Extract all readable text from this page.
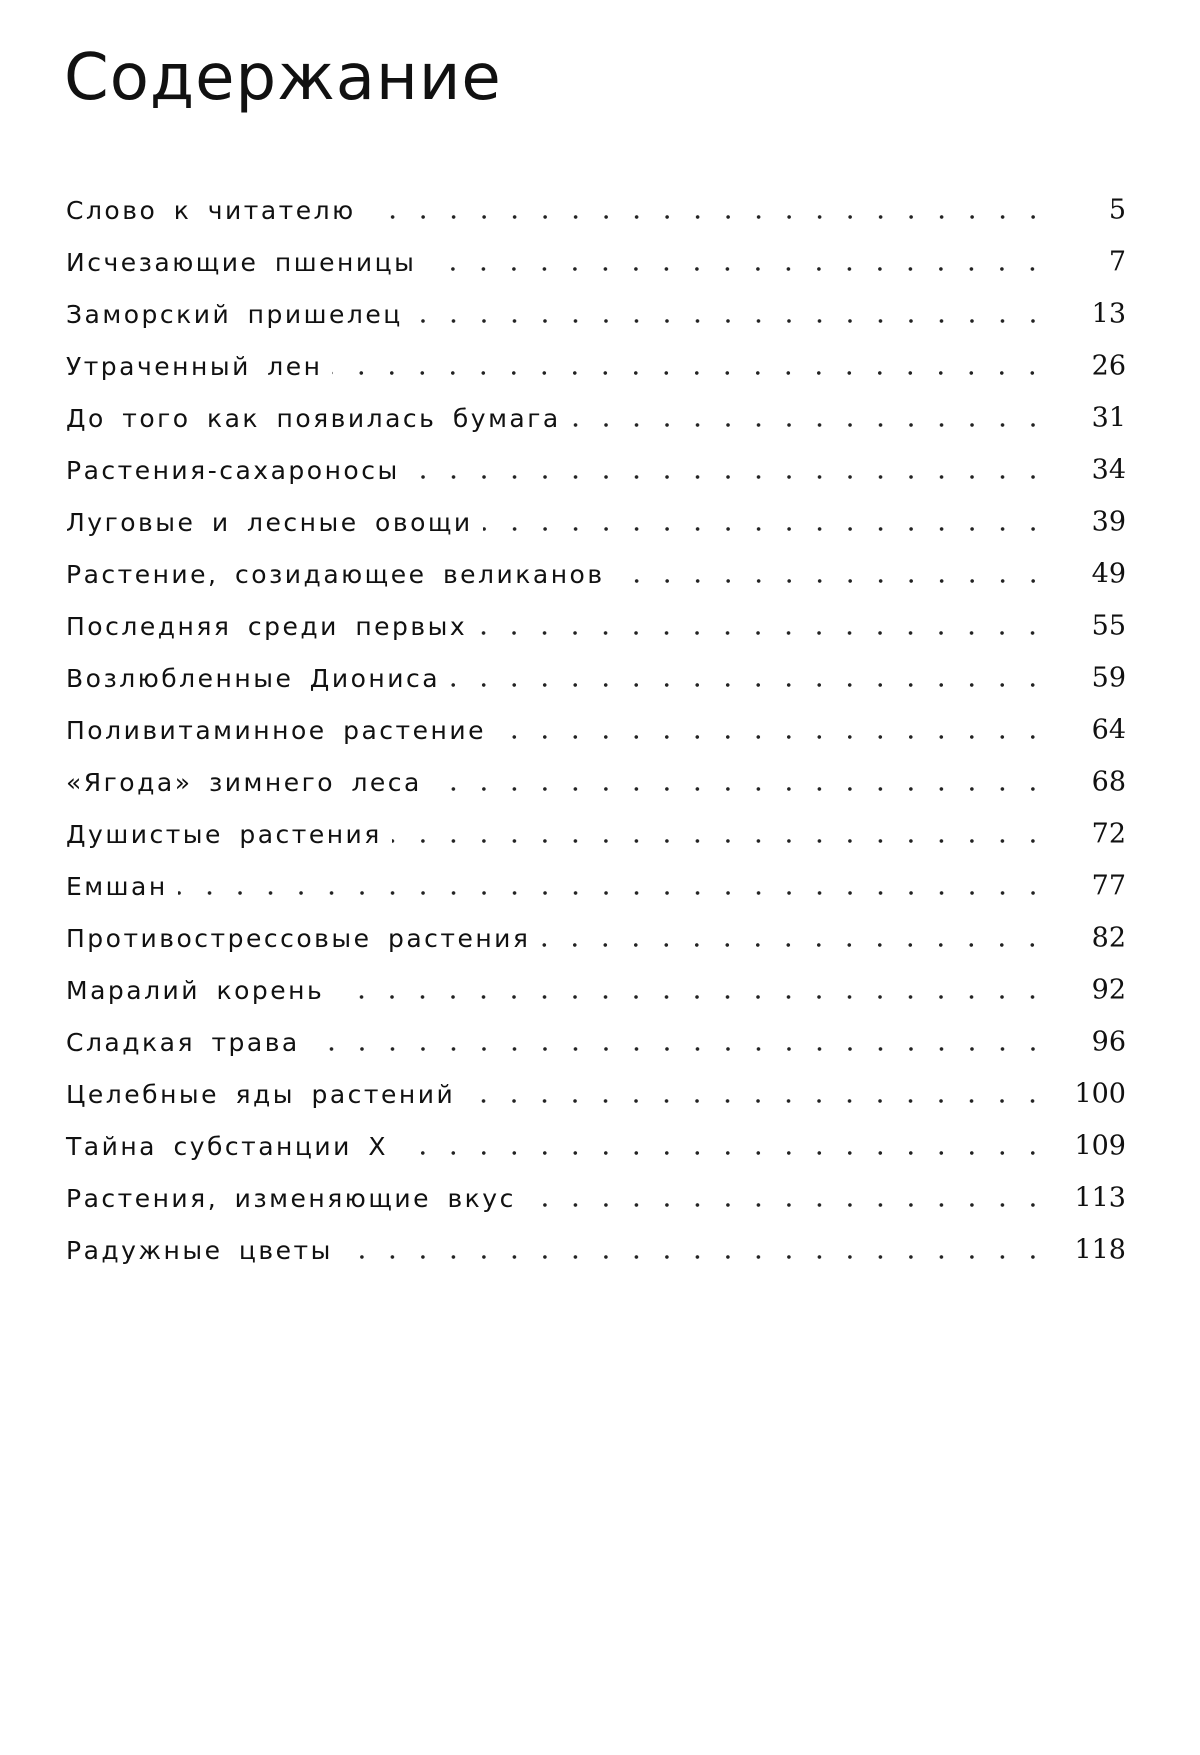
Содержание
Слово к читателю	5
Исчезающие пшеницы	7
Заморский пришелец	13
Утраченный лен	26
До того как появилась бумага	31
Растения-сахароносы	34
Луговые и лесные овощи	39
Растение, созидающее великанов	49
Последняя среди первых	55
Возлюбленные Диониса	59
Поливитаминное растение	64
«Ягода» зимнего леса	68
Душистые растения	72
Емшан	77
Противострессовые растения	82
Маралий корень	92
Сладкая трава	96
Целебные яды растений	100
Тайна субстанции Х	109
Растения, изменяющие вкус	113
Радужные цветы	118
